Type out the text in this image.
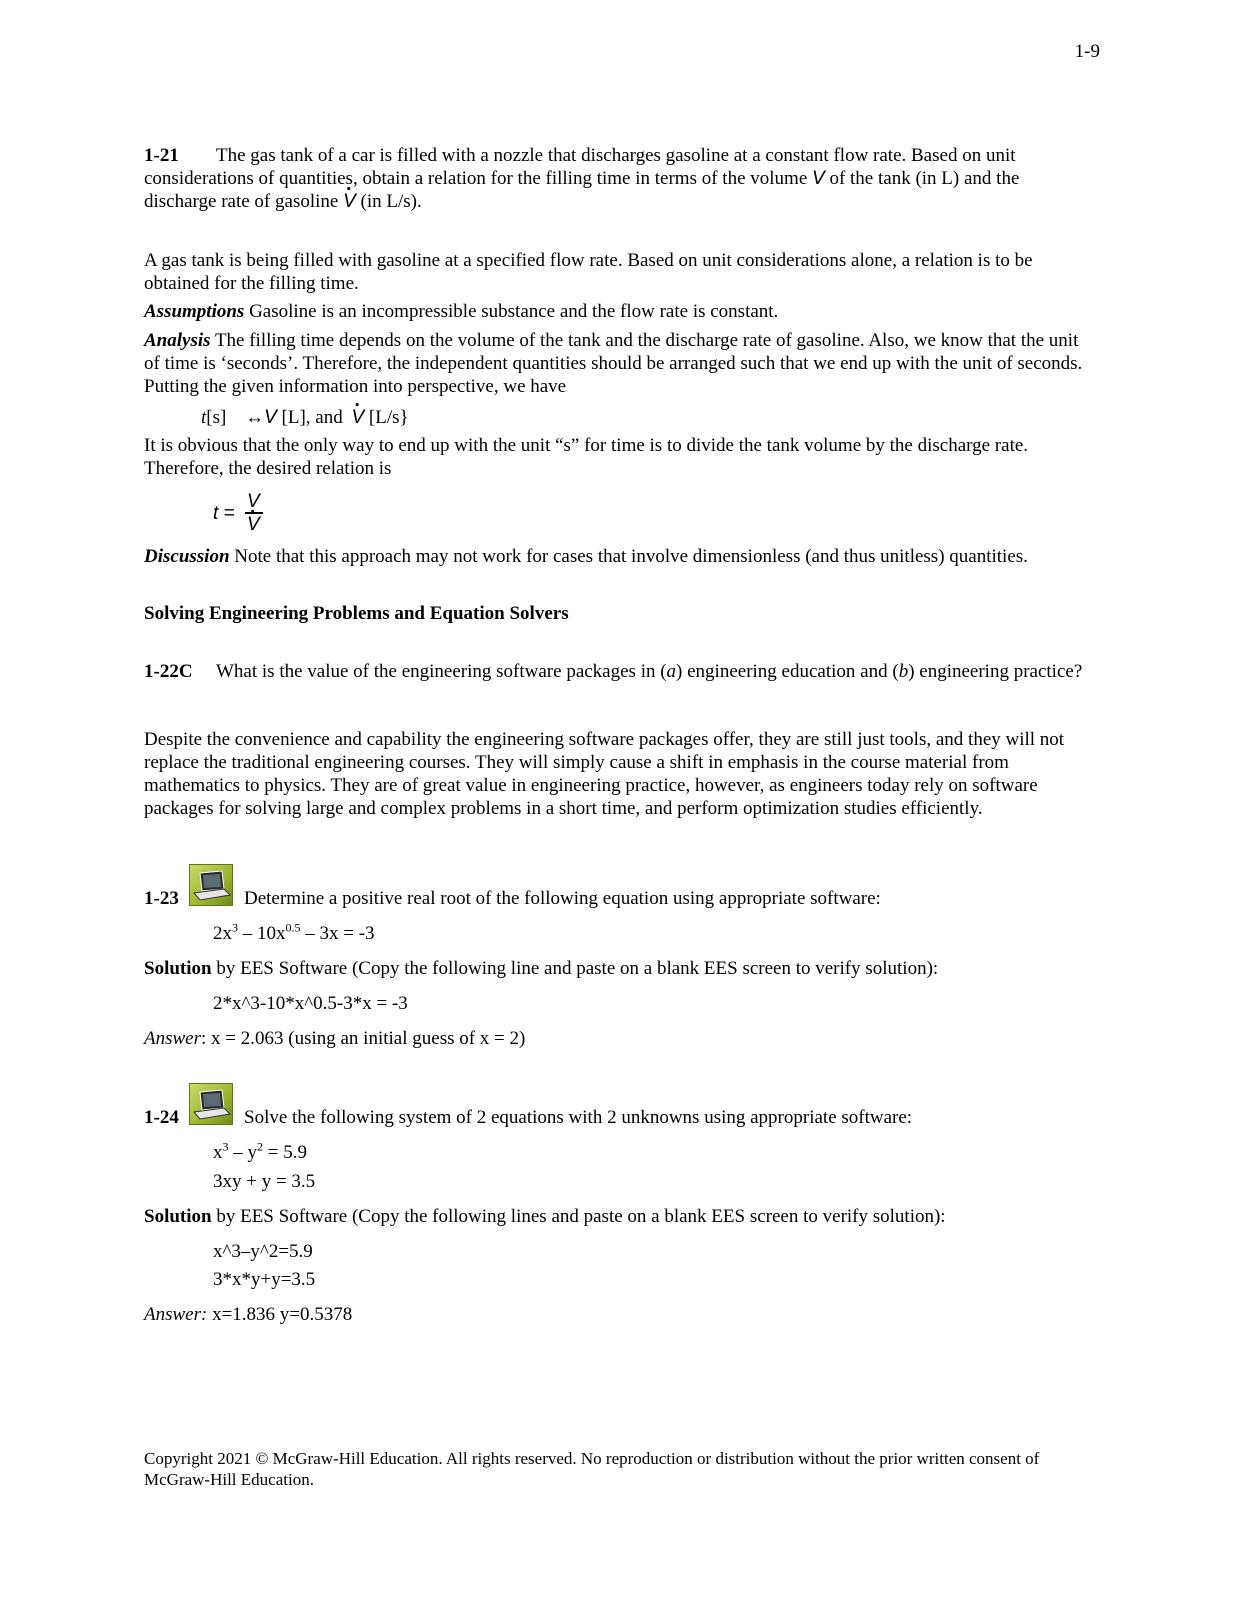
1-9
1-21 The gas tank of a car is filled with a nozzle that discharges gasoline at a constant flow rate. Based on unit considerations of quantities, obtain a relation for the filling time in terms of the volume V of the tank (in L) and the discharge rate of gasoline · V (in L/s).
A gas tank is being filled with gasoline at a specified flow rate. Based on unit considerations alone, a relation is to be obtained for the filling time.
Assumptions Gasoline is an incompressible substance and the flow rate is constant.
Analysis The filling time depends on the volume of the tank and the discharge rate of gasoline. Also, we know that the unit of time is ‘seconds’. Therefore, the independent quantities should be arranged such that we end up with the unit of seconds. Putting the given information into perspective, we have
t[s] ↔V [L], and · V [L/s}
It is obvious that the only way to end up with the unit “s” for time is to divide the tank volume by the discharge rate. Therefore, the desired relation is
t =
V
· V
Discussion Note that this approach may not work for cases that involve dimensionless (and thus unitless) quantities.
Solving Engineering Problems and Equation Solvers
1-22C What is the value of the engineering software packages in (a) engineering education and (b) engineering practice?
Despite the convenience and capability the engineering software packages offer, they are still just tools, and they will not replace the traditional engineering courses. They will simply cause a shift in emphasis in the course material from mathematics to physics. They are of great value in engineering practice, however, as engineers today rely on software packages for solving large and complex problems in a short time, and perform optimization studies efficiently.
1-23	Determine a positive real root of the following equation using appropriate software:
$2x^3 - 10x^{0.5} - 3x = -3$
Solution by EES Software (Copy the following line and paste on a blank EES screen to verify solution):
2*x^3-10*x^0.5-3*x = -3
Answer: x = 2.063 (using an initial guess of x = 2)
1-24	Solve the following system of 2 equations with 2 unknowns using appropriate software:
$x^3 - y^2 = 5.9$
3xy + y = 3.5
Solution by EES Software (Copy the following lines and paste on a blank EES screen to verify solution):
x^3–y^2=5.9
3*x*y+y=3.5
Answer: x=1.836 y=0.5378
Copyright 2021 © McGraw-Hill Education. All rights reserved. No reproduction or distribution without the prior written consent of McGraw-Hill Education.
